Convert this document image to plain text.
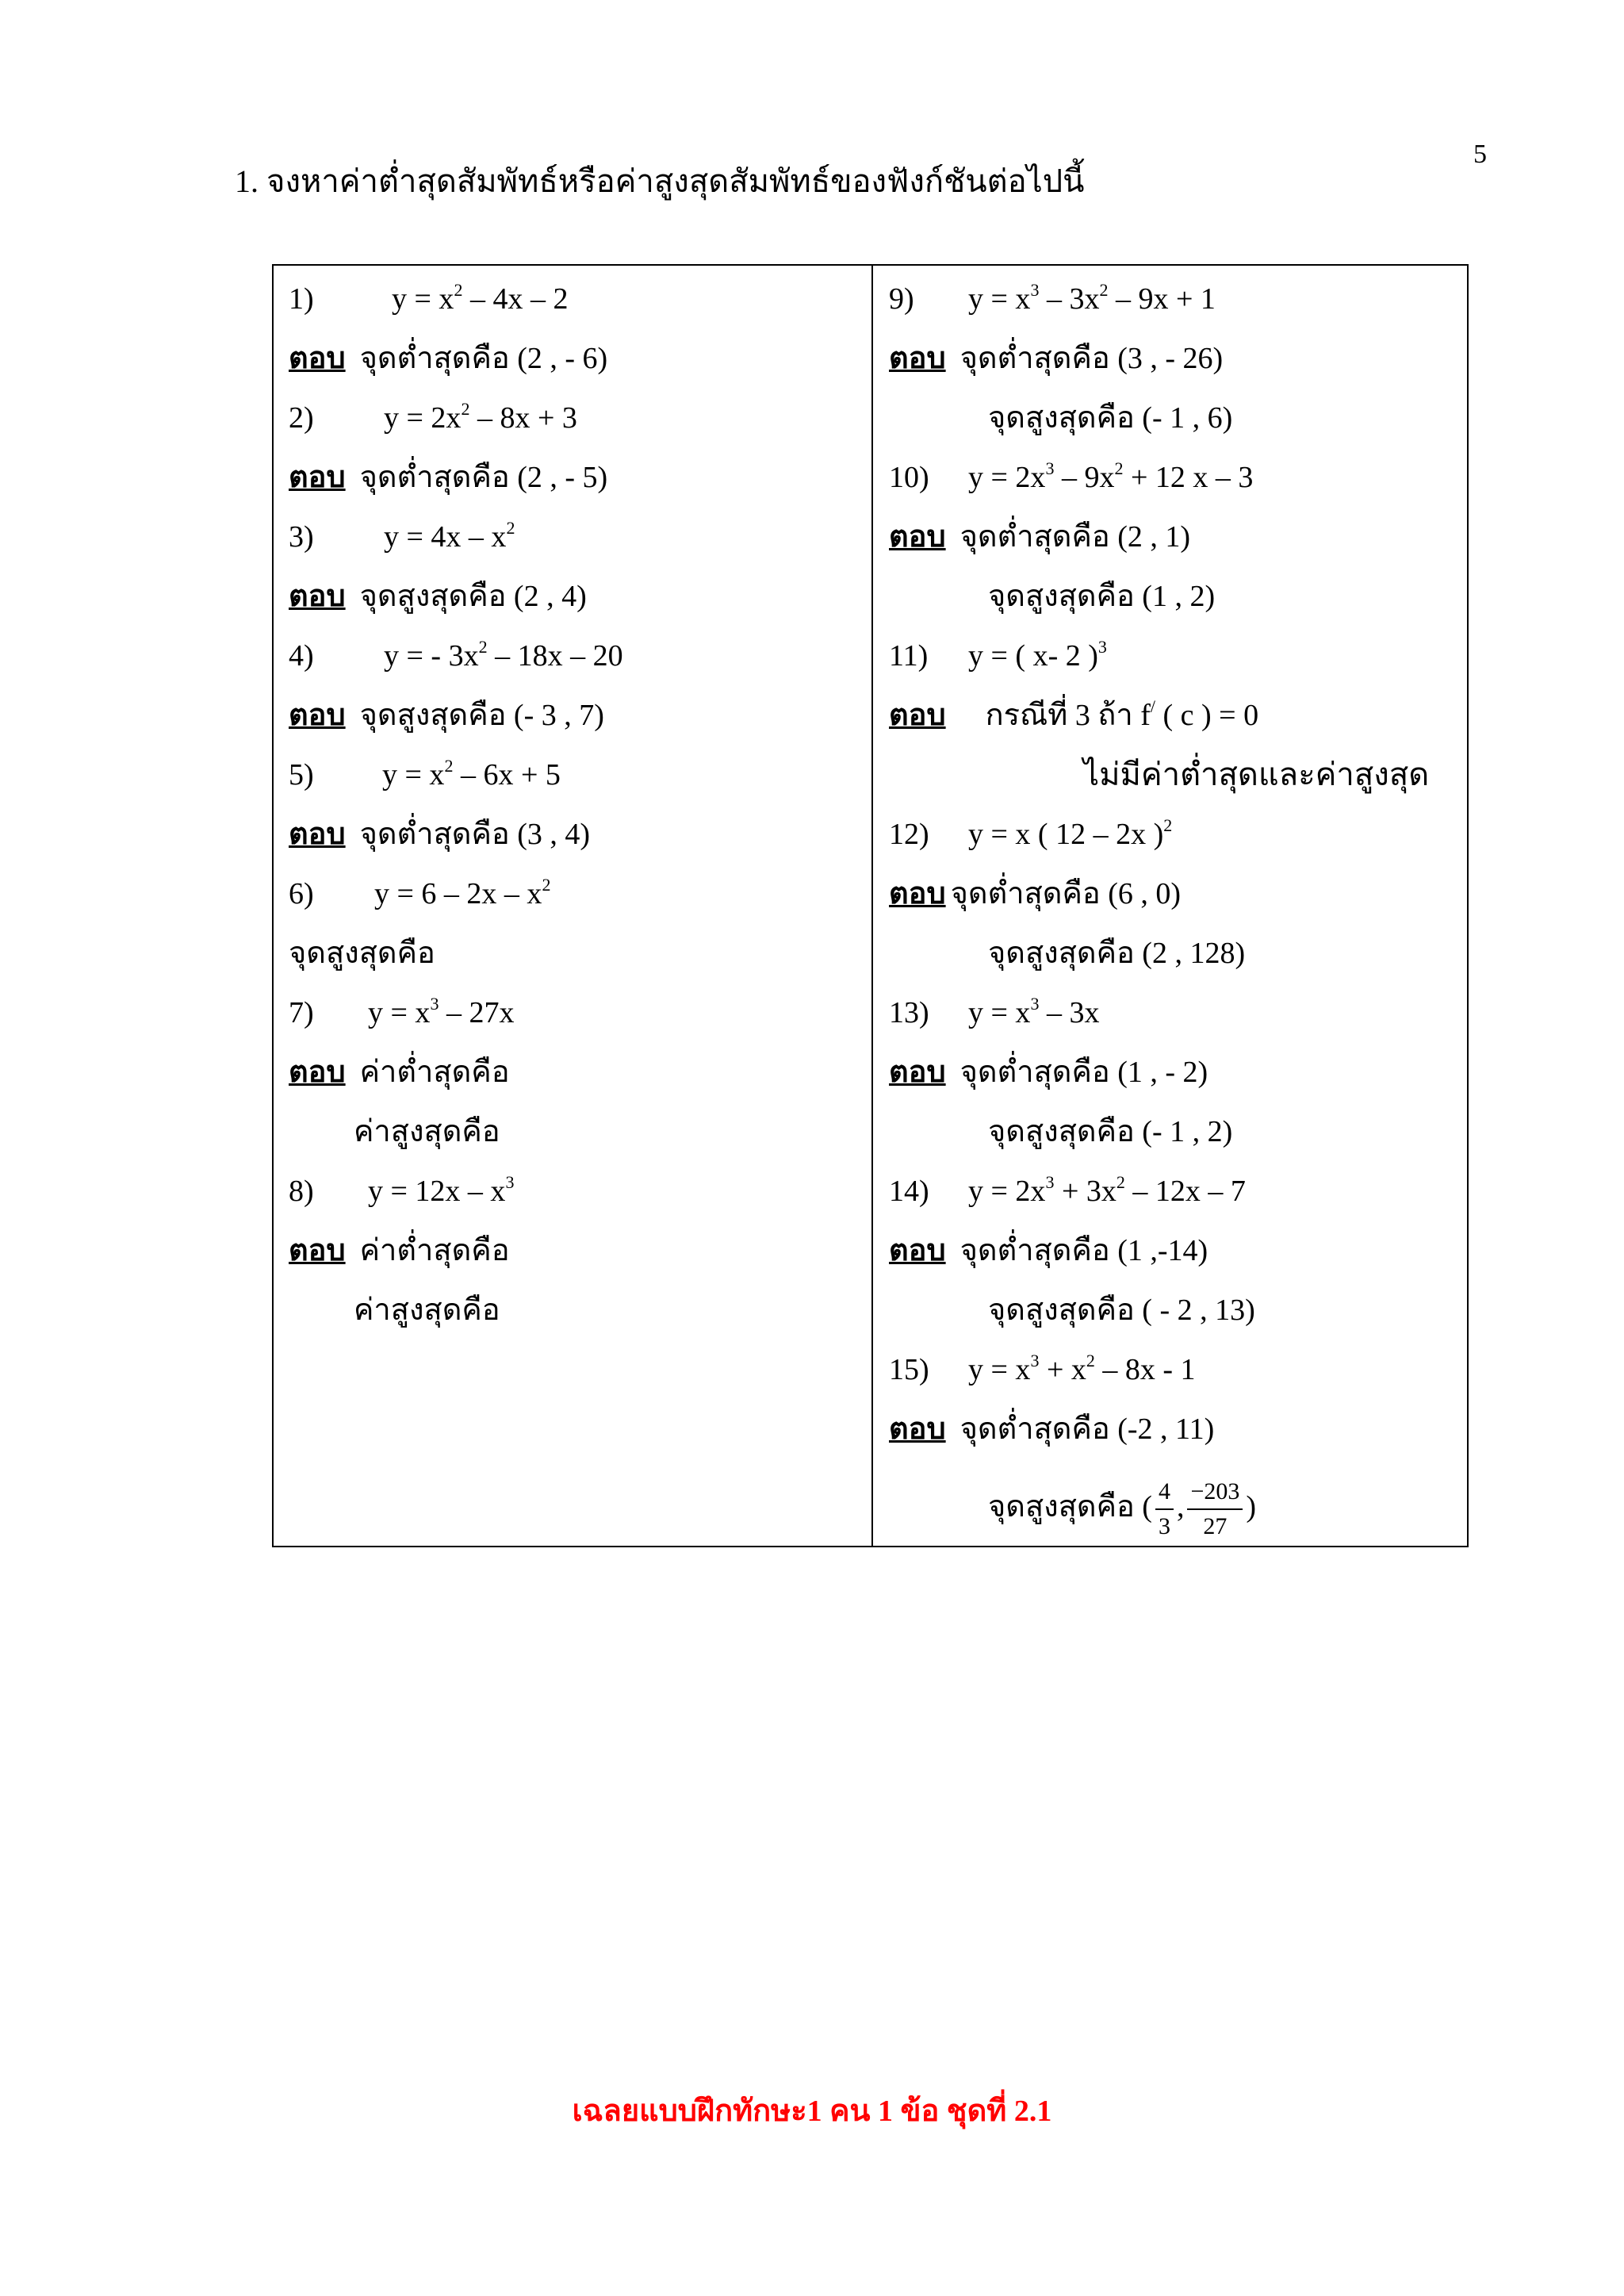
5
1. จงหาค่าต่ำสุดสัมพัทธ์หรือค่าสูงสุดสัมพัทธ์ของฟังก์ชันต่อไปนี้
1)	$y = x^2 - 4x - 2$
ตอบ จุดต่ำสุดคือ (2 , - 6)
2) $y = 2x^2 - 8x + 3$
ตอบ จุดต่ำสุดคือ (2 , - 5)
3) $y = 4x - x^2$
ตอบ จุดสูงสุดคือ (2 , 4)
4) y = - $3x^2 - 18x - 20$
ตอบ จุดสูงสุดคือ (- 3 , 7)
5) $y = x^2 - 6x + 5$
ตอบ จุดต่ำสุดคือ (3 , 4)
6) $y = 6 - 2x - x^2$
จุดสูงสุดคือ
7) $y = x^3 - 27x$
ตอบ ค่าต่ำสุดคือ
ค่าสูงสุดคือ
8) $y = 12x - x^3$
ตอบ ค่าต่ำสุดคือ
ค่าสูงสุดคือ
9) $y = x^3 - 3x^2 - 9x + 1$
ตอบ จุดต่ำสุดคือ (3 , - 26)
จุดสูงสุดคือ (- 1 , 6)
10) $y = 2x^3 - 9x^2 + 12$ x – 3
ตอบ จุดต่ำสุดคือ (2 , 1)
จุดสูงสุดคือ (1 , 2)
11) y = ( x- 2 )$^3$
ตอบ กรณีที่ 3 ถ้า f/ ( c ) = 0
ไม่มีค่าต่ำสุดและค่าสูงสุด
12) y = x ( 12 – 2x )$^2$
ตอบ จุดต่ำสุดคือ (6 , 0)
จุดสูงสุดคือ (2 , 128)
13) $y = x^3 - 3x$
ตอบ จุดต่ำสุดคือ (1 , - 2)
จุดสูงสุดคือ (- 1 , 2)
14) $y = 2x^3 + 3x^2 - 12x - 7$
ตอบ จุดต่ำสุดคือ (1 ,-14)
จุดสูงสุดคือ ( - 2 , 13)
15) $y = x^3 + x^2 - 8x - 1$
ตอบ จุดต่ำสุดคือ (-2 , 11)
จุดสูงสุดคือ ( $\frac{4}{3}$ , $\frac{-203}{27}$ )
เฉลยแบบฝึกทักษะ1 คน 1 ข้อ ชุดที่ 2.1
